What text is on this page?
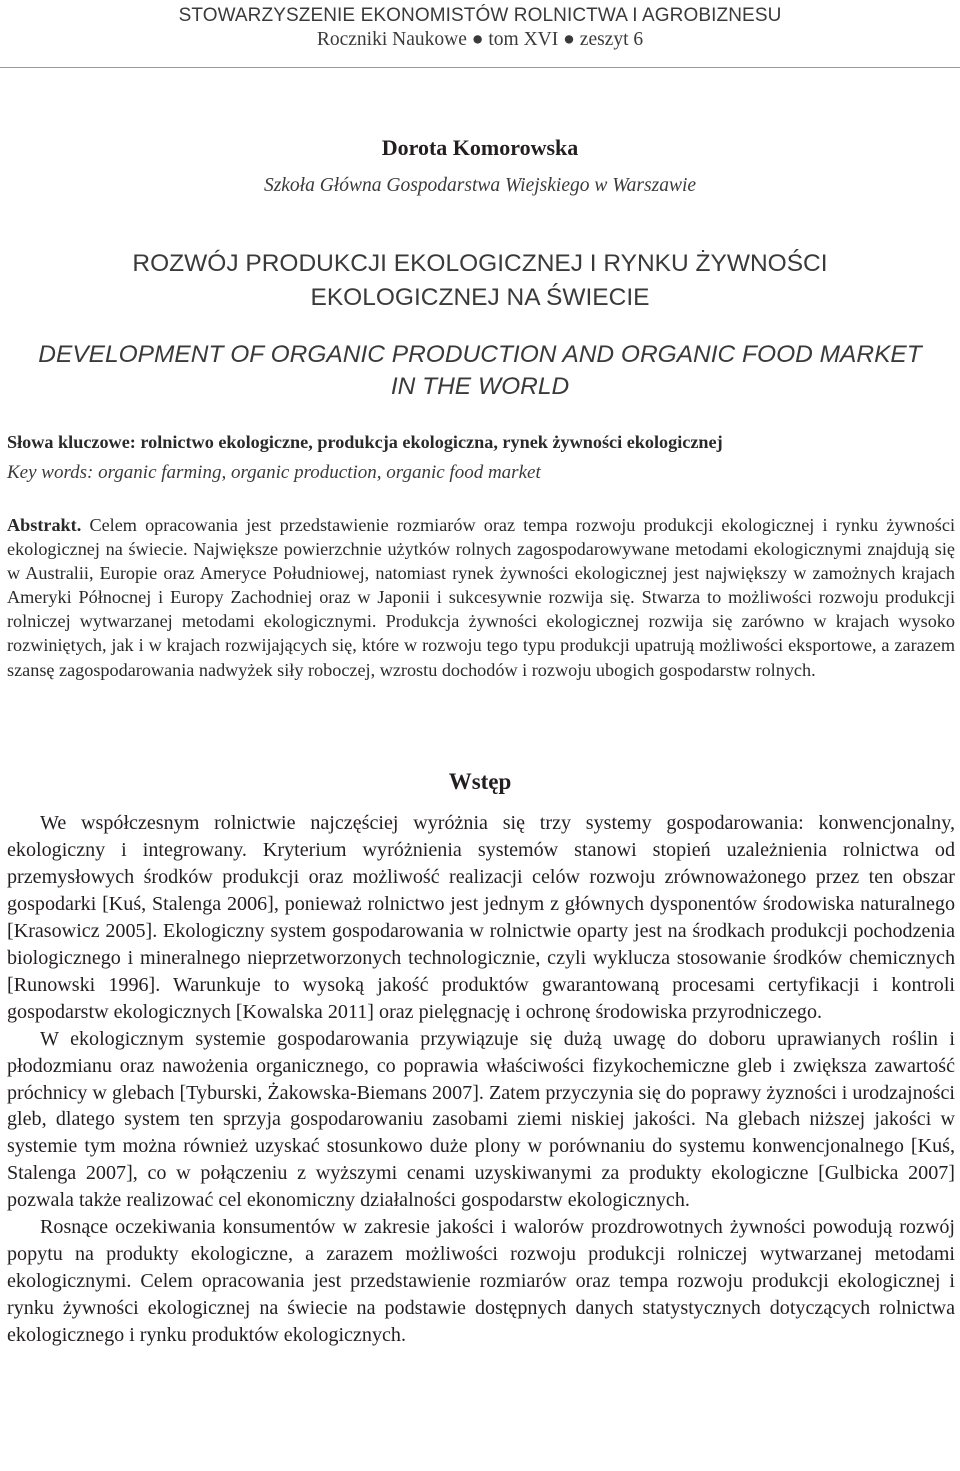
STOWARZYSZENIE EKONOMISTÓW ROLNICTWA I AGROBIZNESU
Roczniki Naukowe ● tom XVI ● zeszyt 6
Dorota Komorowska
Szkoła Główna Gospodarstwa Wiejskiego w Warszawie
ROZWÓJ PRODUKCJI EKOLOGICZNEJ I RYNKU ŻYWNOŚCI
EKOLOGICZNEJ NA ŚWIECIE
DEVELOPMENT OF ORGANIC PRODUCTION AND ORGANIC FOOD MARKET
IN THE WORLD
Słowa kluczowe: rolnictwo ekologiczne, produkcja ekologiczna, rynek żywności ekologicznej
Key words: organic farming, organic production, organic food market

Abstrakt. Celem opracowania jest przedstawienie rozmiarów oraz tempa rozwoju produkcji ekologicznej i rynku żywności ekologicznej na świecie. Największe powierzchnie użytków rolnych zagospodarowywane metodami ekologicznymi znajdują się w Australii, Europie oraz Ameryce Południowej, natomiast rynek żywności ekologicznej jest największy w zamożnych krajach Ameryki Północnej i Europy Zachodniej oraz w Japonii i sukcesywnie rozwija się. Stwarza to możliwości rozwoju produkcji rolniczej wytwarzanej metodami ekologicznymi. Produkcja żywności ekologicznej rozwija się zarówno w krajach wysoko rozwiniętych, jak i w krajach rozwijających się, które w rozwoju tego typu produkcji upatrują możliwości eksportowe, a zarazem szansę zagospodarowania nadwyżek siły roboczej, wzrostu dochodów i rozwoju ubogich gospodarstw rolnych.

Wstęp

We współczesnym rolnictwie najczęściej wyróżnia się trzy systemy gospodarowania: konwencjonalny, ekologiczny i integrowany. Kryterium wyróżnienia systemów stanowi stopień uzależnienia rolnictwa od przemysłowych środków produkcji oraz możliwość realizacji celów rozwoju zrównoważonego przez ten obszar gospodarki [Kuś, Stalenga 2006], ponieważ rolnictwo jest jednym z głównych dysponentów środowiska naturalnego [Krasowicz 2005]. Ekologiczny system gospodarowania w rolnictwie oparty jest na środkach produkcji pochodzenia biologicznego i mineralnego nieprzetworzonych technologicznie, czyli wyklucza stosowanie środków chemicznych [Runowski 1996]. Warunkuje to wysoką jakość produktów gwarantowaną procesami certyfikacji i kontroli gospodarstw ekologicznych [Kowalska 2011] oraz pielęgnację i ochronę środowiska przyrodniczego.

W ekologicznym systemie gospodarowania przywiązuje się dużą uwagę do doboru uprawianych roślin i płodozmianu oraz nawożenia organicznego, co poprawia właściwości fizykochemiczne gleb i zwiększa zawartość próchnicy w glebach [Tyburski, Żakowska-Biemans 2007]. Zatem przyczynia się do poprawy żyzności i urodzajności gleb, dlatego system ten sprzyja gospodarowaniu zasobami ziemi niskiej jakości. Na glebach niższej jakości w systemie tym można również uzyskać stosunkowo duże plony w porównaniu do systemu konwencjonalnego [Kuś, Stalenga 2007], co w połączeniu z wyższymi cenami uzyskiwanymi za produkty ekologiczne [Gulbicka 2007] pozwala także realizować cel ekonomiczny działalności gospodarstw ekologicznych.

Rosnące oczekiwania konsumentów w zakresie jakości i walorów prozdrowotnych żywności powodują rozwój popytu na produkty ekologiczne, a zarazem możliwości rozwoju produkcji rolniczej wytwarzanej metodami ekologicznymi. Celem opracowania jest przedstawienie rozmiarów oraz tempa rozwoju produkcji ekologicznej i rynku żywności ekologicznej na świecie na podstawie dostępnych danych statystycznych dotyczących rolnictwa ekologicznego i rynku produktów ekologicznych.
